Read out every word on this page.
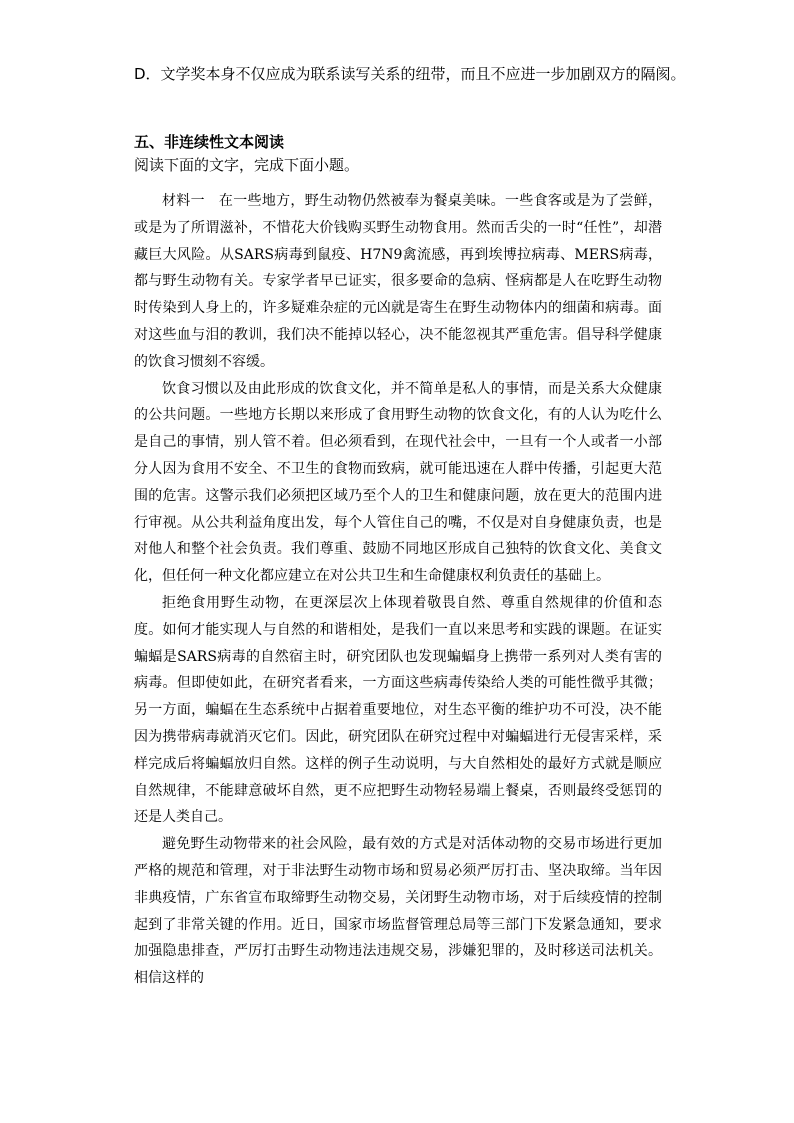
D．文学奖本身不仅应成为联系读写关系的纽带，而且不应进一步加剧双方的隔阂。
五、非连续性文本阅读
阅读下面的文字，完成下面小题。

材料一 在一些地方，野生动物仍然被奉为餐桌美味。一些食客或是为了尝鲜，或是为了所谓滋补，不惜花大价钱购买野生动物食用。然而舌尖的一时“任性”，却潜藏巨大风险。从SARS病毒到鼠疫、H7N9禽流感，再到埃博拉病毒、MERS病毒，都与野生动物有关。专家学者早已证实，很多要命的急病、怪病都是人在吃野生动物时传染到人身上的，许多疑难杂症的元凶就是寄生在野生动物体内的细菌和病毒。面对这些血与泪的教训，我们决不能掉以轻心，决不能忽视其严重危害。倡导科学健康的饮食习惯刻不容缓。

饮食习惯以及由此形成的饮食文化，并不简单是私人的事情，而是关系大众健康的公共问题。一些地方长期以来形成了食用野生动物的饮食文化，有的人认为吃什么是自己的事情，别人管不着。但必须看到，在现代社会中，一旦有一个人或者一小部分人因为食用不安全、不卫生的食物而致病，就可能迅速在人群中传播，引起更大范围的危害。这警示我们必须把区域乃至个人的卫生和健康问题，放在更大的范围内进行审视。从公共利益角度出发，每个人管住自己的嘴，不仅是对自身健康负责，也是对他人和整个社会负责。我们尊重、鼓励不同地区形成自己独特的饮食文化、美食文化，但任何一种文化都应建立在对公共卫生和生命健康权利负责任的基础上。

拒绝食用野生动物，在更深层次上体现着敬畏自然、尊重自然规律的价值和态度。如何才能实现人与自然的和谐相处，是我们一直以来思考和实践的课题。在证实蝙蝠是SARS病毒的自然宿主时，研究团队也发现蝙蝠身上携带一系列对人类有害的病毒。但即使如此，在研究者看来，一方面这些病毒传染给人类的可能性微乎其微；另一方面，蝙蝠在生态系统中占据着重要地位，对生态平衡的维护功不可没，决不能因为携带病毒就消灭它们。因此，研究团队在研究过程中对蝙蝠进行无侵害采样，采样完成后将蝙蝠放归自然。这样的例子生动说明，与大自然相处的最好方式就是顺应自然规律，不能肆意破坏自然，更不应把野生动物轻易端上餐桌，否则最终受惩罚的还是人类自己。

避免野生动物带来的社会风险，最有效的方式是对活体动物的交易市场进行更加严格的规范和管理，对于非法野生动物市场和贸易必须严厉打击、坚决取缔。当年因非典疫情，广东省宣布取缔野生动物交易，关闭野生动物市场，对于后续疫情的控制起到了非常关键的作用。近日，国家市场监督管理总局等三部门下发紧急通知，要求加强隐患排查，严厉打击野生动物违法违规交易，涉嫌犯罪的，及时移送司法机关。相信这样的
